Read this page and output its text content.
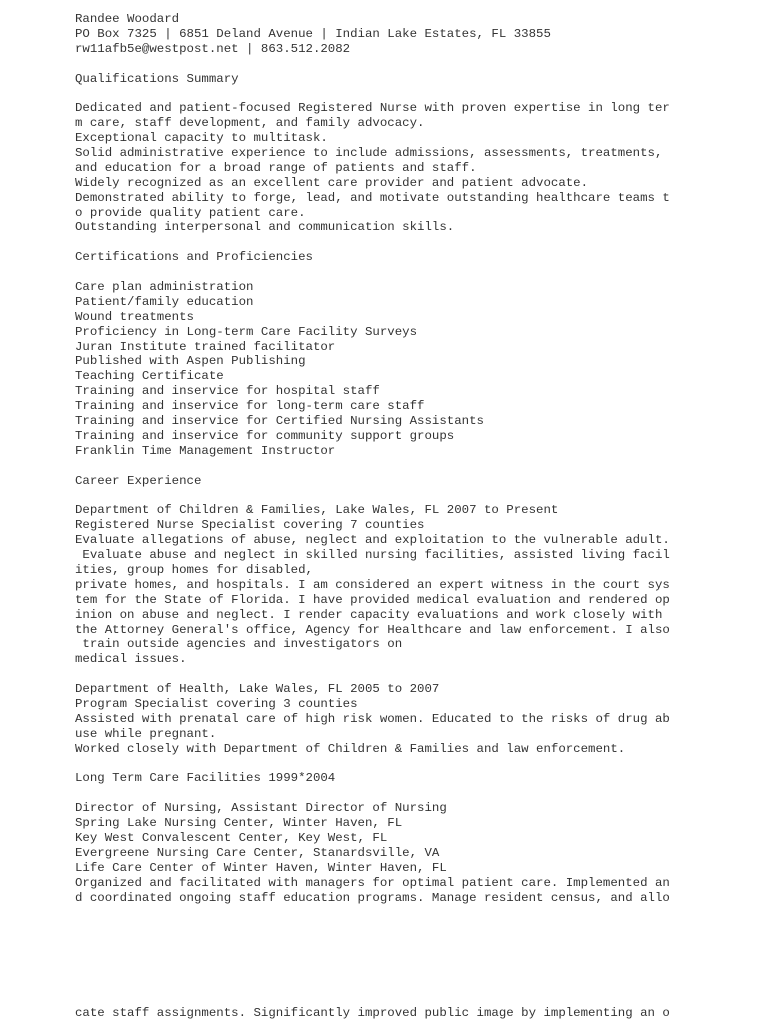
Randee Woodard
PO Box 7325 | 6851 Deland Avenue | Indian Lake Estates, FL 33855
rw11afb5e@westpost.net | 863.512.2082
Qualifications Summary
Dedicated and patient-focused Registered Nurse with proven expertise in long ter
m care, staff development, and family advocacy.
Exceptional capacity to multitask.
Solid administrative experience to include admissions, assessments, treatments,
and education for a broad range of patients and staff.
Widely recognized as an excellent care provider and patient advocate.
Demonstrated ability to forge, lead, and motivate outstanding healthcare teams t
o provide quality patient care.
Outstanding interpersonal and communication skills.
Certifications and Proficiencies
Care plan administration
Patient/family education
Wound treatments
Proficiency in Long-term Care Facility Surveys
Juran Institute trained facilitator
Published with Aspen Publishing
Teaching Certificate
Training and inservice for hospital staff
Training and inservice for long-term care staff
Training and inservice for Certified Nursing Assistants
Training and inservice for community support groups
Franklin Time Management Instructor
Career Experience
Department of Children & Families, Lake Wales, FL 2007 to Present
Registered Nurse Specialist covering 7 counties
Evaluate allegations of abuse, neglect and exploitation to the vulnerable adult.
Evaluate abuse and neglect in skilled nursing facilities, assisted living facil
ities, group homes for disabled,
private homes, and hospitals. I am considered an expert witness in the court sys
tem for the State of Florida. I have provided medical evaluation and rendered op
inion on abuse and neglect. I render capacity evaluations and work closely with
the Attorney General's office, Agency for Healthcare and law enforcement. I also
train outside agencies and investigators on
medical issues.
Department of Health, Lake Wales, FL 2005 to 2007
Program Specialist covering 3 counties
Assisted with prenatal care of high risk women. Educated to the risks of drug ab
use while pregnant.
Worked closely with Department of Children & Families and law enforcement.
Long Term Care Facilities 1999*2004
Director of Nursing, Assistant Director of Nursing
Spring Lake Nursing Center, Winter Haven, FL
Key West Convalescent Center, Key West, FL
Evergreene Nursing Care Center, Stanardsville, VA
Life Care Center of Winter Haven, Winter Haven, FL
Organized and facilitated with managers for optimal patient care. Implemented an
d coordinated ongoing staff education programs. Manage resident census, and allo
cate staff assignments. Significantly improved public image by implementing an o
